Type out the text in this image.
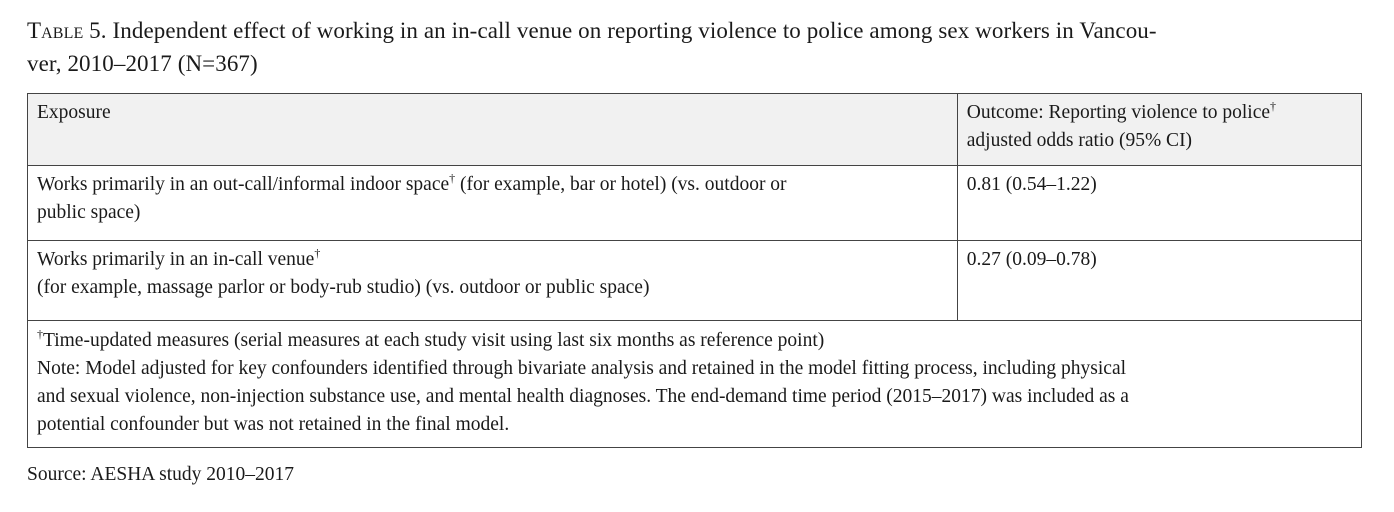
Table 5. Independent effect of working in an in-call venue on reporting violence to police among sex workers in Vancou-
ver, 2010–2017 (N=367)
Exposure	Outcome: Reporting violence to police†
adjusted odds ratio (95% CI)

Works primarily in an out-call/informal indoor space† (for example, bar or hotel) (vs. outdoor or
public space)	0.81 (0.54–1.22)

Works primarily in an in-call venue†
(for example, massage parlor or body-rub studio) (vs. outdoor or public space)	0.27 (0.09–0.78)

†Time-updated measures (serial measures at each study visit using last six months as reference point)
Note: Model adjusted for key confounders identified through bivariate analysis and retained in the model fitting process, including physical
and sexual violence, non-injection substance use, and mental health diagnoses. The end-demand time period (2015–2017) was included as a
potential confounder but was not retained in the final model.	
Source: AESHA study 2010–2017
